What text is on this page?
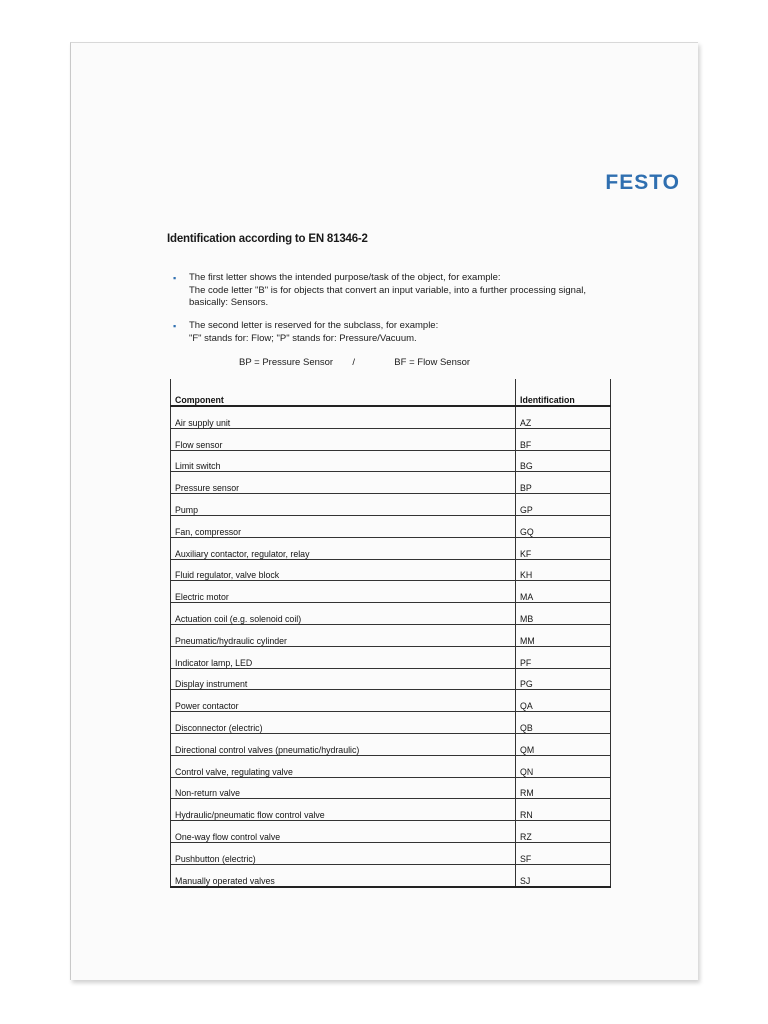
FESTO
Identification according to EN 81346-2
▪ The first letter shows the intended purpose/task of the object, for example:
The code letter "B" is for objects that convert an input variable, into a further processing signal,
basically: Sensors.
▪ The second letter is reserved for the subclass, for example:
"F" stands for: Flow; "P" stands for: Pressure/Vacuum.
BP = Pressure Sensor /	BF = Flow Sensor
Component	Identification
Air supply unit	AZ
Flow sensor	BF
Limit switch	BG
Pressure sensor	BP
Pump	GP
Fan, compressor	GQ
Auxiliary contactor, regulator, relay	KF
Fluid regulator, valve block	KH
Electric motor	MA
Actuation coil (e.g. solenoid coil)	MB
Pneumatic/hydraulic cylinder	MM
Indicator lamp, LED	PF
Display instrument	PG
Power contactor	QA
Disconnector (electric)	QB
Directional control valves (pneumatic/hydraulic)	QM
Control valve, regulating valve	QN
Non-return valve	RM
Hydraulic/pneumatic flow control valve	RN
One-way flow control valve	RZ
Pushbutton (electric)	SF
Manually operated valves	SJ
